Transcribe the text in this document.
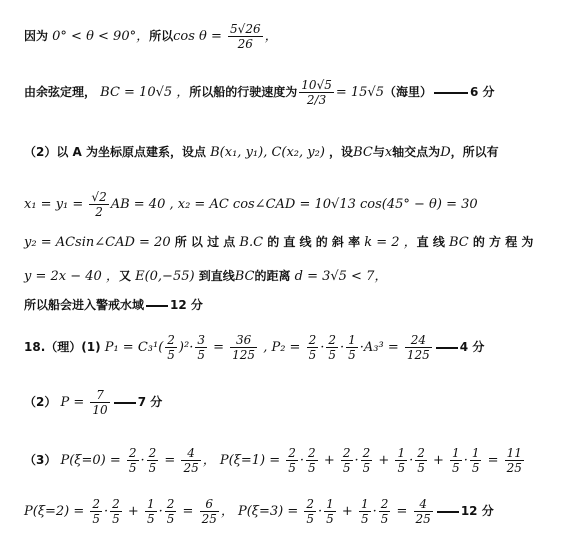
因为 0° < θ < 90°，所以$\cos \theta = \frac{5√26}{26}$ ，
由余弦定理， BC = 10√5 ，所以船的行驶速度为 $\frac{10√5}{2/3} = 15√5$（海里）	6 分
（2）以 A 为坐标原点建系，设点 B(x₁, y₁), C(x₂, y₂) ，设BC与x轴交点为D，所以有
$x_1 = y_1 = \frac{√2}{2}$ AB = 40 , x₂ = AC cos∠CAD = 10√13 cos(45° − θ) = 30
y₂ = ACsin∠CAD = 20 所 以 过 点 B.C 的 直 线 的 斜 率 k = 2 ，直 线 BC 的 方 程 为
y = 2x − 40 ，又 E(0,−55) 到直线BC的距离 d = 3√5 < 7，
所以船会进入警戒水域 12 分
18.（理）(1) $P_1 = C_3^1( \frac{2}{5} )^2\cdot \frac{3}{5} = \frac{36}{125}$ , $P_2 = \frac{2}{5} \cdot \frac{2}{5} \cdot \frac{1}{5} \cdot A_3^3 = \frac{24}{125} 4$ 分
（2） $P = \frac{7}{10} 7$ 分
（3） $P(\xi=0) = \frac{2}{5} \cdot \frac{2}{5} = \frac{4}{25}$ ， $P(\xi=1) = \frac{2}{5} \cdot \frac{2}{5} + \frac{2}{5} \cdot \frac{2}{5} + \frac{1}{5} \cdot \frac{2}{5} + \frac{1}{5} \cdot \frac{1}{5} = \frac{11}{25}$
$P(\xi=2) = \frac{2}{5} \cdot \frac{2}{5} + \frac{1}{5} \cdot \frac{2}{5} = \frac{6}{25}$ ， $P(\xi=3) = \frac{2}{5} \cdot \frac{1}{5} + \frac{1}{5} \cdot \frac{2}{5} = \frac{4}{25} 12$ 分
